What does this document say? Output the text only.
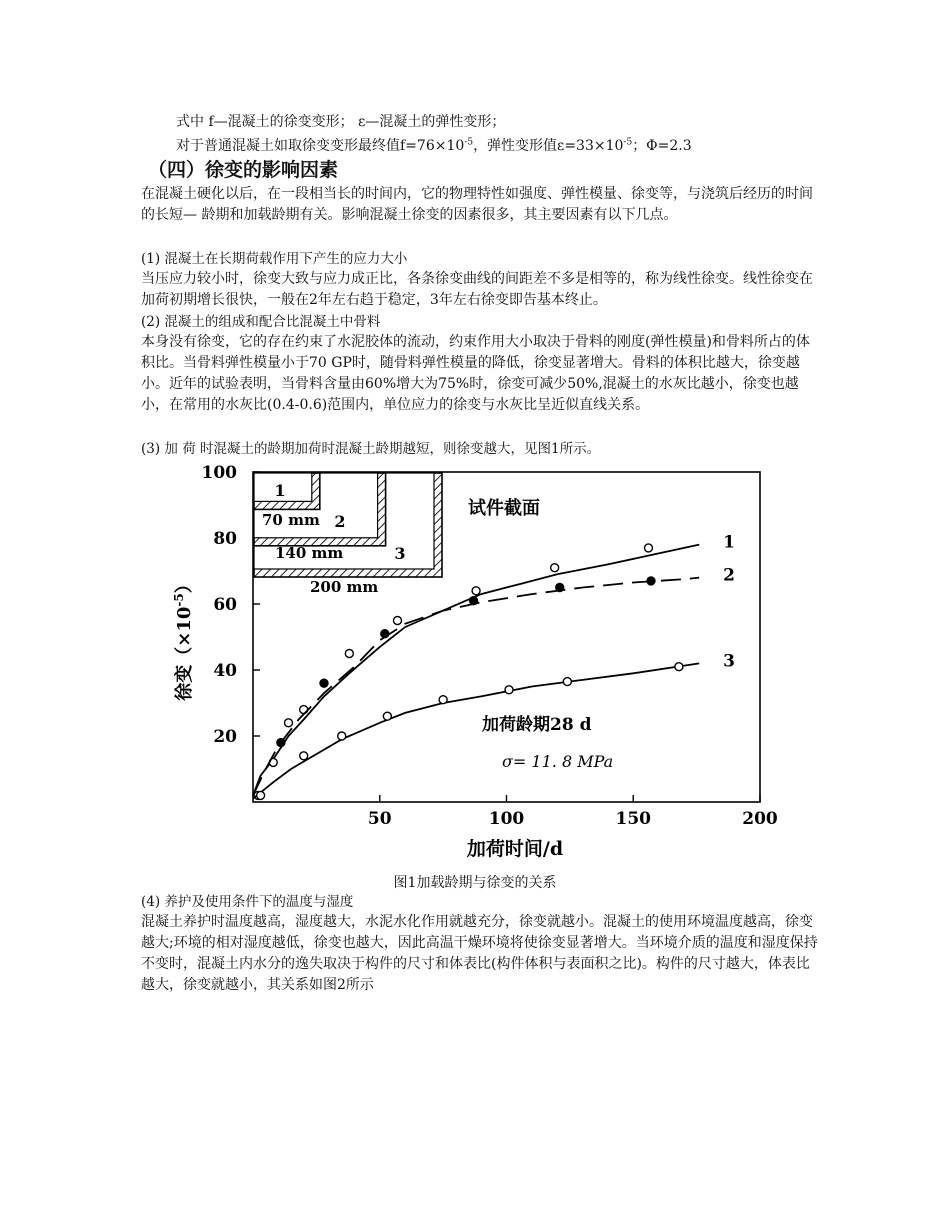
式中 f—混凝土的徐变变形； ε—混凝土的弹性变形；

对于普通混凝土如取徐变变形最终值$f=76\times 10^{-5}$，弹性变形值$\varepsilon=33\times 10^{-5}$；Φ=2.3

（四）徐变的影响因素

在混凝土硬化以后，在一段相当长的时间内，它的物理特性如强度、弹性模量、徐变等，与浇筑后经历的时间的长短— 龄期和加载龄期有关。影响混凝土徐变的因素很多，其主要因素有以下几点。

(1) 混凝土在长期荷载作用下产生的应力大小

当压应力较小时，徐变大致与应力成正比，各条徐变曲线的间距差不多是相等的，称为线性徐变。线性徐变在加荷初期增长很快，一般在2年左右趋于稳定，3年左右徐变即告基本终止。

(2) 混凝土的组成和配合比混凝土中骨料

本身没有徐变，它的存在约束了水泥胶体的流动，约束作用大小取决于骨料的刚度(弹性模量)和骨料所占的体积比。当骨料弹性模量小于70 GP时，随骨料弹性模量的降低，徐变显著增大。骨料的体积比越大，徐变越小。近年的试验表明，当骨料含量由60%增大为75%时，徐变可减少50%,混凝土的水灰比越小，徐变也越小，在常用的水灰比(0.4-0.6)范围内，单位应力的徐变与水灰比呈近似直线关系。

(3) 加 荷 时混凝土的龄期加荷时混凝土龄期越短，则徐变越大，见图1所示。

50	100	150	200
20
40
60
80
100
1
70 mm 2
140 mm	3
200 mm
1
2
3
加荷时间/d
徐变$(\times 10^{-5})$
试件截面
加荷龄期28 d
σ= 11. 8 MPa
图1加载龄期与徐变的关系

(4) 养护及使用条件下的温度与湿度

混凝土养护时温度越高，湿度越大，水泥水化作用就越充分，徐变就越小。混凝土的使用环境温度越高，徐变越大;环境的相对湿度越低，徐变也越大，因此高温干燥环境将使徐变显著增大。当环境介质的温度和湿度保持不变时，混凝土内水分的逸失取决于构件的尺寸和体表比(构件体积与表面积之比)。构件的尺寸越大，体表比越大，徐变就越小，其关系如图2所示
